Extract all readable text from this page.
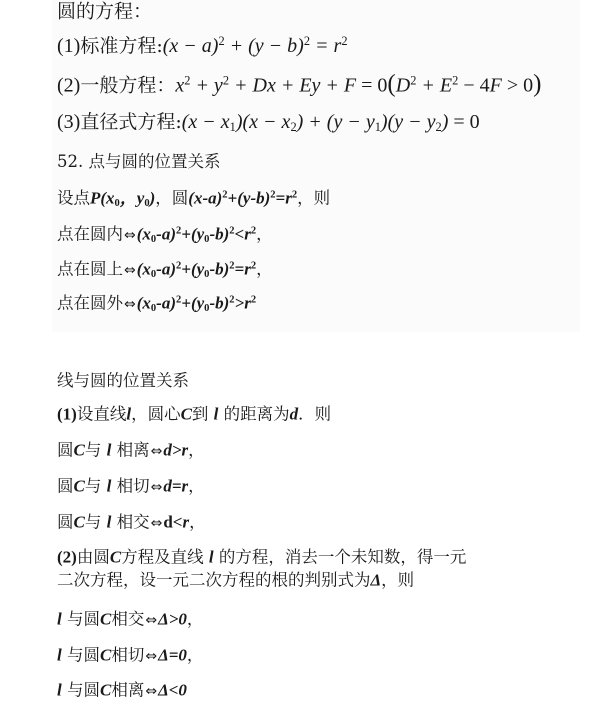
圆的方程：
(1)标准方程:(x − $a)^2 + (y - b)^2 = r^2$
(2)一般方程：$x^2 + y^2 + Dx + Ey + F = 0(D^2 + E^2 - 4F > 0)$
(3)直径式方程:(x − $x_1)(x - x_2) + (y - y_1)(y - y_2) = 0$
52. 点与圆的位置关系
设点$P(x_0$，$y_0$)，圆$(x-a)^2+(y-b)^2=r^2$，则
点在圆内$\Leftrightarrow(x_0-a)^2+(y_0-b)^2<r^2$，
点在圆上$\Leftrightarrow(x_0-a)^2+(y_0-b)^2=r^2$，
点在圆外$\Leftrightarrow(x_0-a)^2+(y_0-b)^2>r^2$
线与圆的位置关系
(1)设直线l，圆心C到 l 的距离为d．则
圆C与 l 相离⇔d>r，
圆C与 l 相切⇔d=r，
圆C与 l 相交⇔d<r，
(2)由圆C方程及直线 l 的方程，消去一个未知数，得一元
二次方程，设一元二次方程的根的判别式为Δ，则
l 与圆C相交⇔Δ>0，
l 与圆C相切⇔Δ=0，
l 与圆C相离⇔Δ<0
